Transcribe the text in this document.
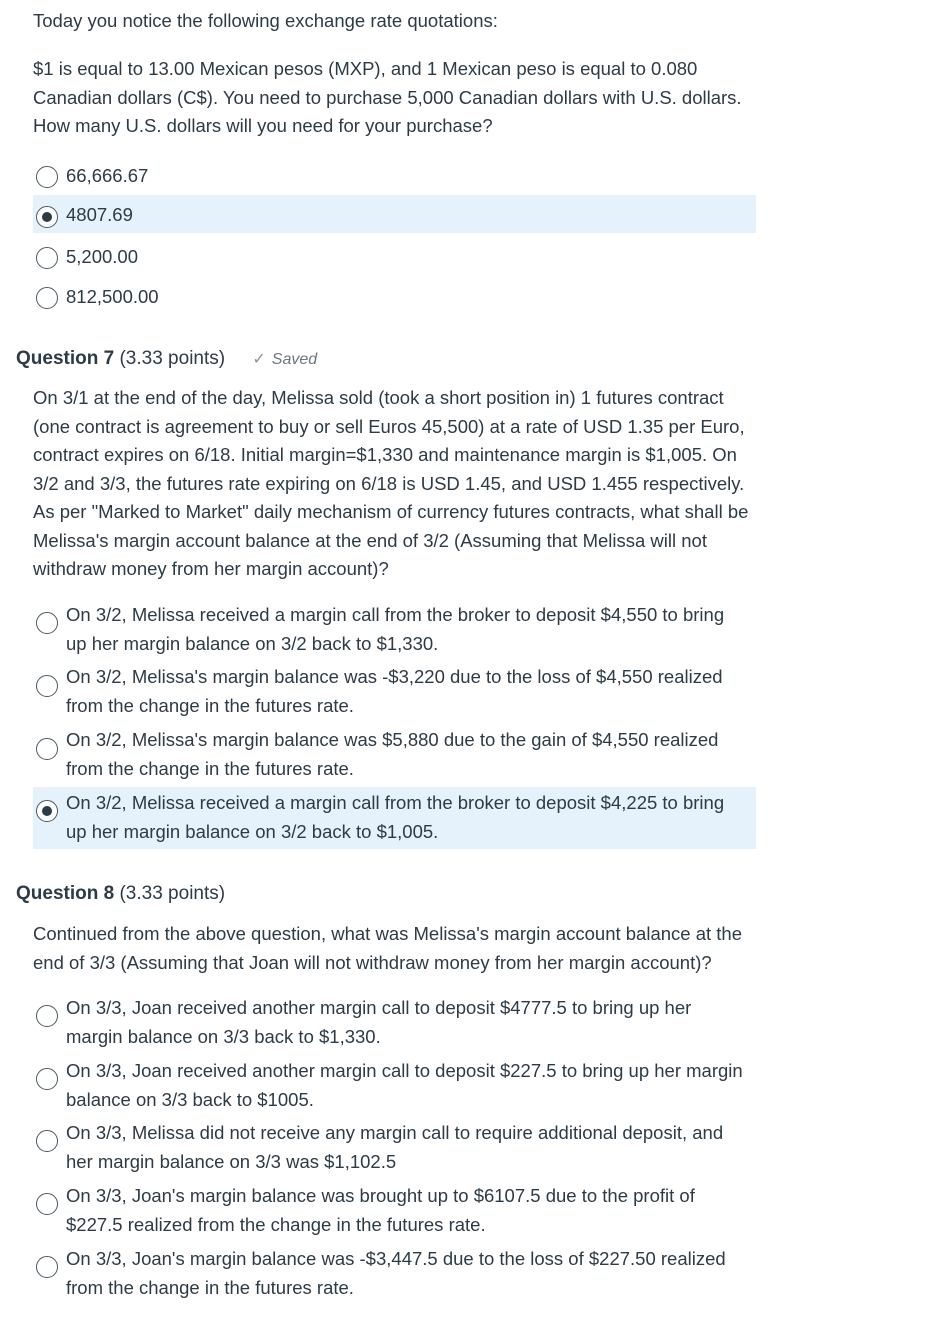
Today you notice the following exchange rate quotations:

$1 is equal to 13.00 Mexican pesos (MXP), and 1 Mexican peso is equal to 0.080 Canadian dollars (C$). You need to purchase 5,000 Canadian dollars with U.S. dollars. How many U.S. dollars will you need for your purchase?

66,666.67
4807.69
5,200.00
812,500.00
Question 7 (3.33 points) ✓ Saved

On 3/1 at the end of the day, Melissa sold (took a short position in) 1 futures contract (one contract is agreement to buy or sell Euros 45,500) at a rate of USD 1.35 per Euro, contract expires on 6/18. Initial margin=$1,330 and maintenance margin is $1,005. On 3/2 and 3/3, the futures rate expiring on 6/18 is USD 1.45, and USD 1.455 respectively. As per "Marked to Market" daily mechanism of currency futures contracts, what shall be Melissa's margin account balance at the end of 3/2 (Assuming that Melissa will not withdraw money from her margin account)?

On 3/2, Melissa received a margin call from the broker to deposit $4,550 to bring up her margin balance on 3/2 back to $1,330.
On 3/2, Melissa's margin balance was -$3,220 due to the loss of $4,550 realized from the change in the futures rate.
On 3/2, Melissa's margin balance was $5,880 due to the gain of $4,550 realized from the change in the futures rate.
On 3/2, Melissa received a margin call from the broker to deposit $4,225 to bring up her margin balance on 3/2 back to $1,005.
Question 8 (3.33 points)

Continued from the above question, what was Melissa's margin account balance at the end of 3/3 (Assuming that Joan will not withdraw money from her margin account)?

On 3/3, Joan received another margin call to deposit $4777.5 to bring up her margin balance on 3/3 back to $1,330.
On 3/3, Joan received another margin call to deposit $227.5 to bring up her margin balance on 3/3 back to $1005.
On 3/3, Melissa did not receive any margin call to require additional deposit, and her margin balance on 3/3 was $1,102.5
On 3/3, Joan's margin balance was brought up to $6107.5 due to the profit of $227.5 realized from the change in the futures rate.
On 3/3, Joan's margin balance was -$3,447.5 due to the loss of $227.50 realized from the change in the futures rate.
